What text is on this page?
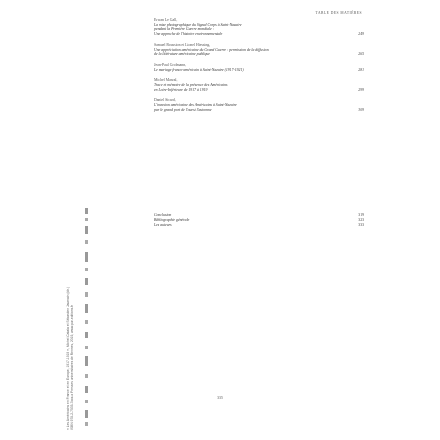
TABLE DES MATIÈRES
Erwan Le Gall,
La mise photographique du Signal Corps à Saint-Nazaire
pendant la Première Guerre mondiale :
Une approche de l'histoire environnementale	249
Samuel Boussion et Lionel Hiessing,
Une appréciation américaine du Grand Guerre : permission de la diffusion
de la littérature américaine publique	265
Jean-Paul Grolmann,
Le mariage franco-américain à Saint-Nazaire (1917-1921)	281
Michel Marzal,
Trace et mémoire de la présence des Américains
en Loire-Inférieure de 1917 à 1919	299
Daniel Sicard,
L'invasion américaine des Américains à Saint-Nazaire
par le grand port de l'ouest l'automne	309
Conclusion	319
Bibliographie générale	323
Les auteurs	333
335
« Les Américains en France et en Europe, 1917-1919 », Michel Catala et Sébastien Jaumain (dir.) ISBN 978-2-7535-7xxx-x Presses universitaires de Rennes, 2019, www.pur-editions.fr
